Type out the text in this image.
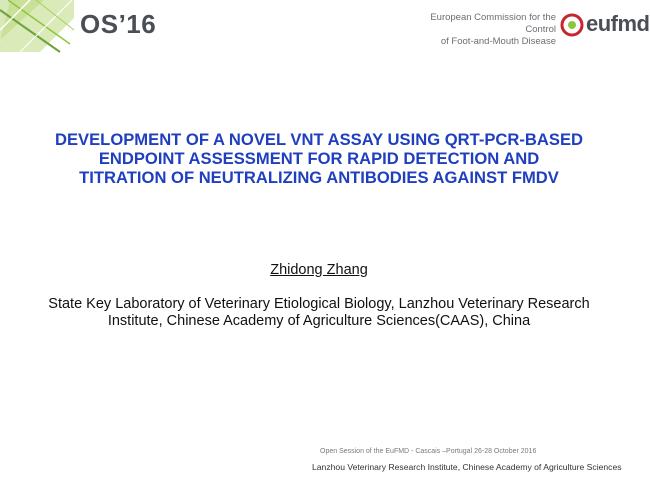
OS’16	European Commission for the Control
of Foot-and-Mouth Disease
eufmd
DEVELOPMENT OF A NOVEL VNT ASSAY USING QRT-PCR-BASED ENDPOINT ASSESSMENT FOR RAPID DETECTION AND TITRATION OF NEUTRALIZING ANTIBODIES AGAINST FMDV
Zhidong Zhang
State Key Laboratory of Veterinary Etiological Biology, Lanzhou Veterinary Research Institute, Chinese Academy of Agriculture Sciences(CAAS), China
Open Session of the EuFMD - Cascais –Portugal 26-28 October 2016
Lanzhou Veterinary Research Institute, Chinese Academy of Agriculture Sciences
